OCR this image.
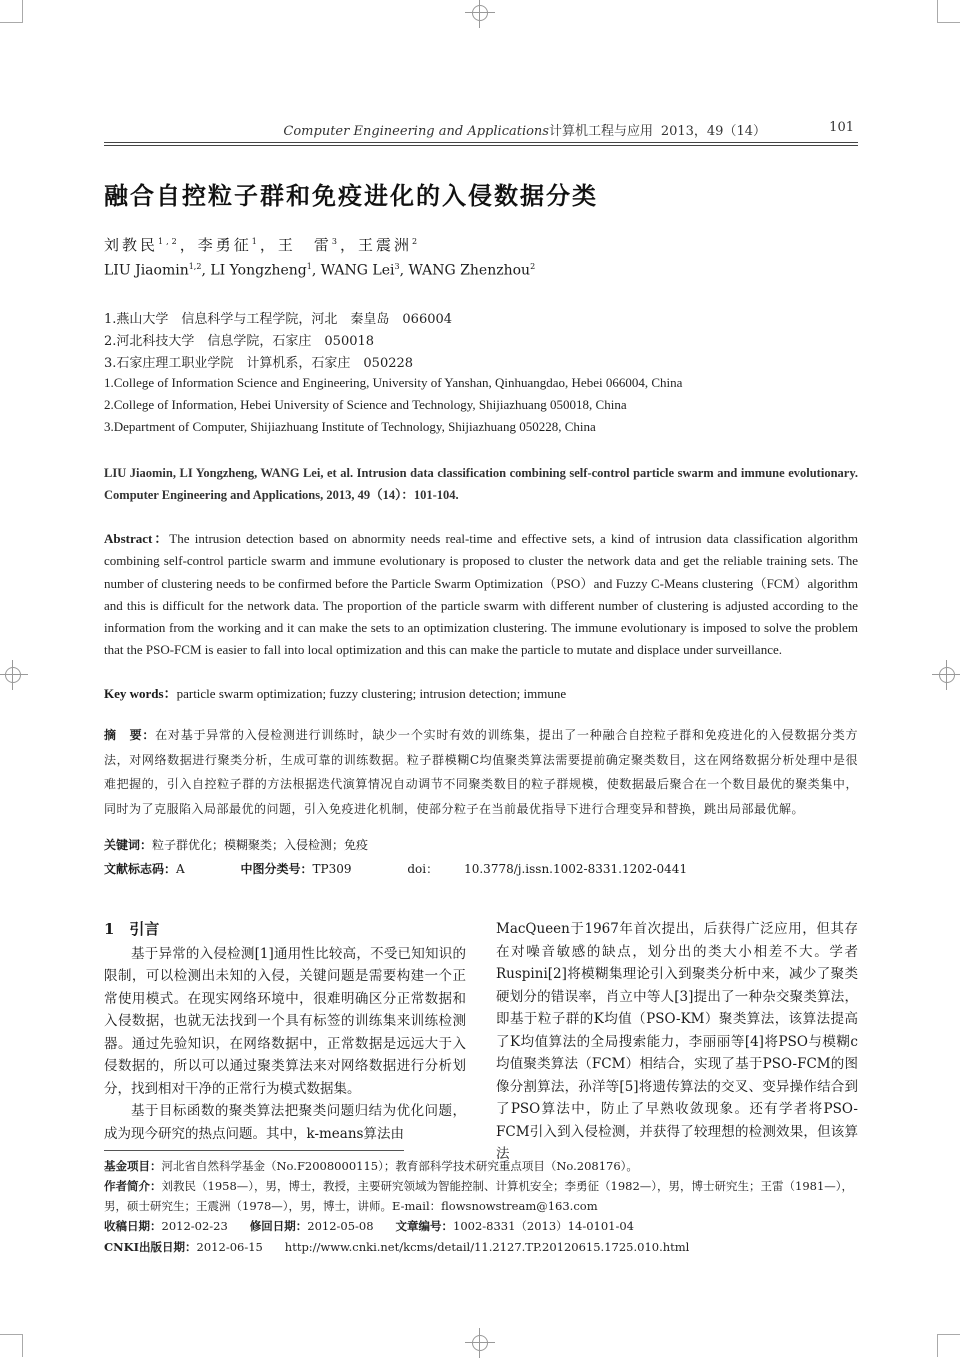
Computer Engineering and Applications计算机工程与应用 2013，49（14）	101
融合自控粒子群和免疫进化的入侵数据分类
刘教民$^{1,2}$，李勇征$^1$，王　雷$^3$，王震洲$^2$
LIU Jiaomin$^{1,2}$, LI Yongzheng$^1$, WANG Lei$^3$, WANG Zhenzhou$^2$
1.燕山大学　信息科学与工程学院，河北　秦皇岛　066004
2.河北科技大学　信息学院，石家庄　050018
3.石家庄理工职业学院　计算机系，石家庄　050228
1.College of Information Science and Engineering, University of Yanshan, Qinhuangdao, Hebei 066004, China
2.College of Information, Hebei University of Science and Technology, Shijiazhuang 050018, China
3.Department of Computer, Shijiazhuang Institute of Technology, Shijiazhuang 050228, China
LIU Jiaomin, LI Yongzheng, WANG Lei, et al. Intrusion data classification combining self-control particle swarm and immune evolutionary. Computer Engineering and Applications, 2013, 49（14）：101-104.
Abstract：The intrusion detection based on abnormity needs real-time and effective sets, a kind of intrusion data classification algorithm combining self-control particle swarm and immune evolutionary is proposed to cluster the network data and get the reliable training sets. The number of clustering needs to be confirmed before the Particle Swarm Optimization（PSO）and Fuzzy C-Means clustering（FCM）algorithm and this is difficult for the network data. The proportion of the particle swarm with different number of clustering is adjusted according to the information from the working and it can make the sets to an optimization clustering. The immune evolutionary is imposed to solve the problem that the PSO-FCM is easier to fall into local optimization and this can make the particle to mutate and displace under surveillance.
Key words：particle swarm optimization; fuzzy clustering; intrusion detection; immune
摘　要：在对基于异常的入侵检测进行训练时，缺少一个实时有效的训练集，提出了一种融合自控粒子群和免疫进化的入侵数据分类方法，对网络数据进行聚类分析，生成可靠的训练数据。粒子群模糊C均值聚类算法需要提前确定聚类数目，这在网络数据分析处理中是很难把握的，引入自控粒子群的方法根据迭代演算情况自动调节不同聚类数目的粒子群规模，使数据最后聚合在一个数目最优的聚类集中，同时为了克服陷入局部最优的问题，引入免疫进化机制，使部分粒子在当前最优指导下进行合理变异和替换，跳出局部最优解。
关键词：粒子群优化；模糊聚类；入侵检测；免疫
文献标志码：A	中图分类号：TP309	doi： 10.3778/j.issn.1002-8331.1202-0441
1　引言

基于异常的入侵检测[1]通用性比较高，不受已知知识的限制，可以检测出未知的入侵，关键问题是需要构建一个正常使用模式。在现实网络环境中，很难明确区分正常数据和入侵数据，也就无法找到一个具有标签的训练集来训练检测器。通过先验知识，在网络数据中，正常数据是远远大于入侵数据的，所以可以通过聚类算法来对网络数据进行分析划分，找到相对干净的正常行为模式数据集。

基于目标函数的聚类算法把聚类问题归结为优化问题，成为现今研究的热点问题。其中，k-means算法由

MacQueen于1967年首次提出，后获得广泛应用，但其存在对噪音敏感的缺点，划分出的类大小相差不大。学者Ruspini[2]将模糊集理论引入到聚类分析中来，减少了聚类硬划分的错误率，肖立中等人[3]提出了一种杂交聚类算法，即基于粒子群的K均值（PSO-KM）聚类算法，该算法提高了K均值算法的全局搜索能力，李丽丽等[4]将PSO与模糊c均值聚类算法（FCM）相结合，实现了基于PSO-FCM的图像分割算法，孙洋等[5]将遗传算法的交叉、变异操作结合到了PSO算法中，防止了早熟收敛现象。还有学者将PSO-FCM引入到入侵检测，并获得了较理想的检测效果，但该算法

基金项目：河北省自然科学基金（No.F2008000115）；教育部科学技术研究重点项目（No.208176）。
作者简介：刘教民（1958—），男，博士，教授，主要研究领域为智能控制、计算机安全；李勇征（1982—），男，博士研究生；王雷（1981—），男，硕士研究生；王震洲（1978—），男，博士，讲师。E-mail：flowsnowstream@163.com
收稿日期：2012-02-23 修回日期：2012-05-08 文章编号：1002-8331（2013）14-0101-04
CNKI出版日期：2012-06-15 http://www.cnki.net/kcms/detail/11.2127.TP.20120615.1725.010.html
